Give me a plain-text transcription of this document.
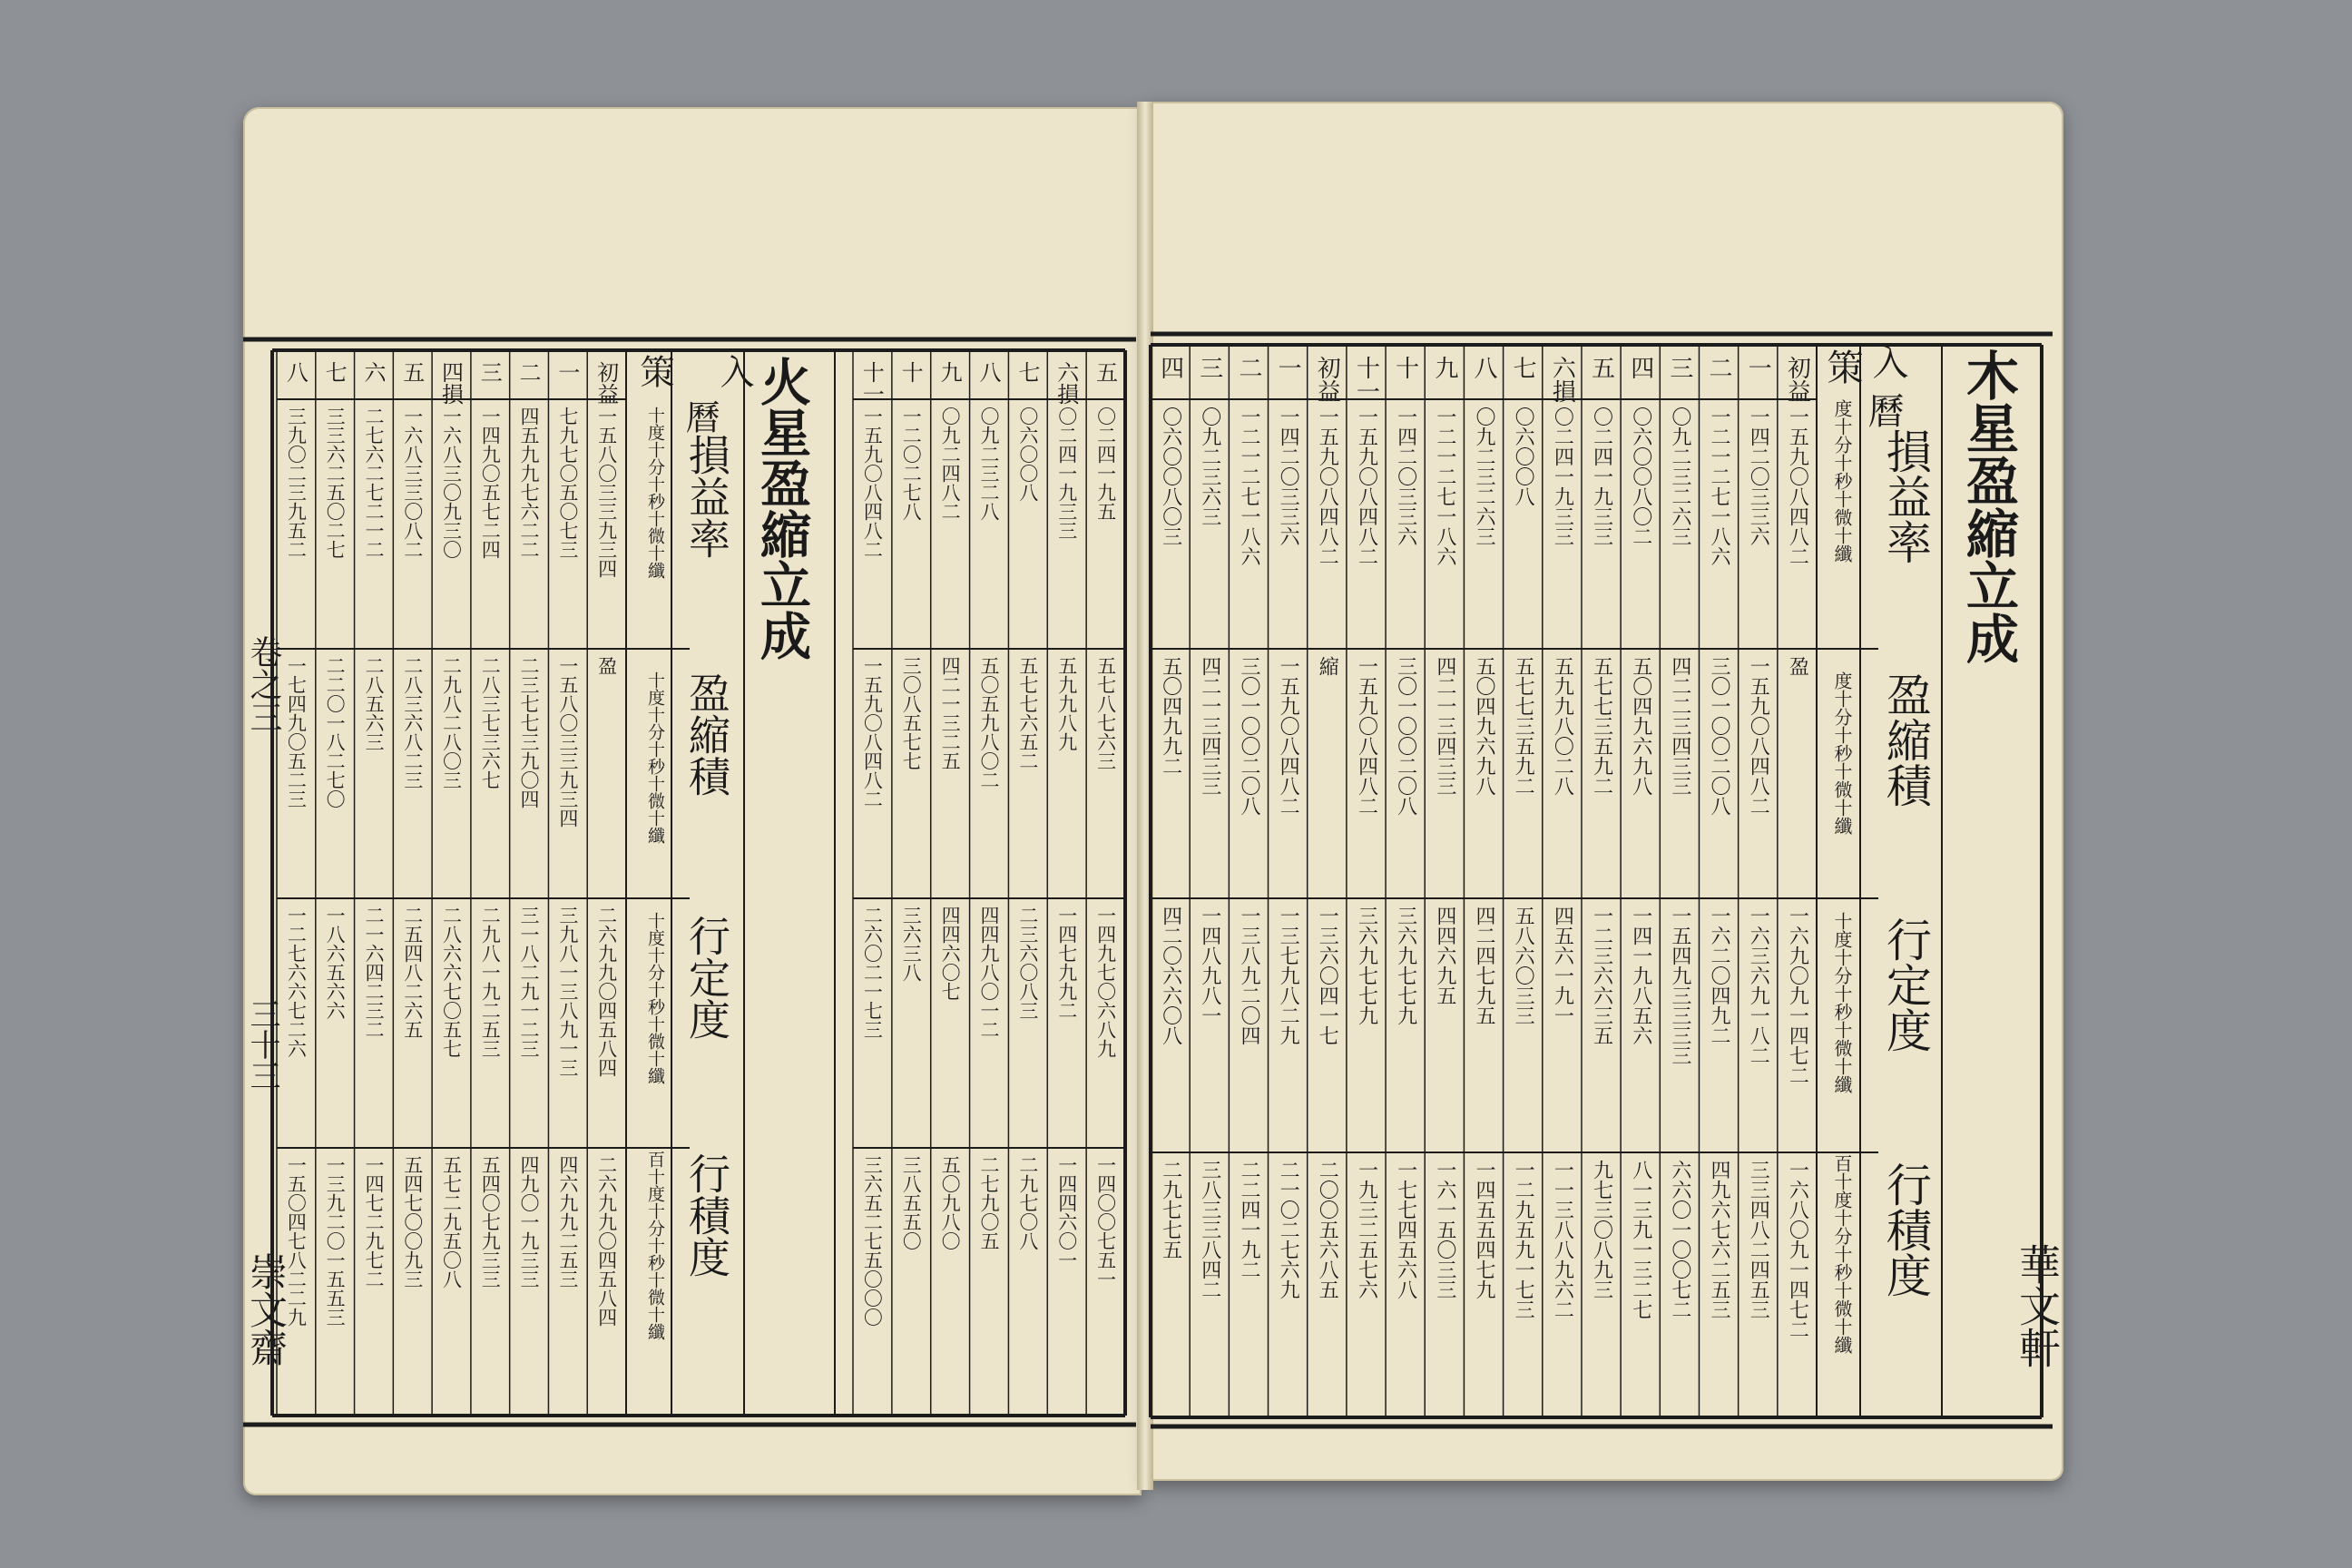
木星盈縮立成
入
曆
策
損益率
盈縮積
行定度
行積度
度十分十秒十微十纖
度十分十秒十微十纖
十度十分十秒十微十纖
百十度十分十秒十微十纖
初益
一五九〇八四八二
盈
一六九〇九一四七二
一六八〇九一四七二
一
一四二〇三三六
一五九〇八四八二
一六三六九一八二
三三四八二四五三
二
一二一二七一八六
三〇一〇〇二〇八
一六二〇四九二
四九六七六二五三
三
〇九二三二六三
四二二三四三三
一五四九三三三三
六六〇一〇〇七二
四
〇六〇〇八〇二
五〇四九六九八
一四一九八五六
八一三九一三二七
五
〇二四一九三三
五七七三五九二
一二三六六三五
九七三〇八九三
六損
〇二四一九三三
五九九八〇二八
四五六一九一
一一三八八九六二
七
〇六〇〇八
五七七三五九二
五八六〇三三
一二九五九一七三
八
〇九二三二六三
五〇四九六九八
四二四七九五
一四五五四七九
九
一二一二七一八六
四二一三四三三
四四六九五
一六一五〇三三
十
一四二〇三三六
三〇一〇〇二〇八
三六九七七九
一七七四五六八
十一
一五九〇八四八二
一五九〇八四八二
三六九七七九
一九三二五七六
初益
一五九〇八四八二
縮
一三六〇四一七
二〇〇五六八五
一
一四二〇三三六
一五九〇八四八二
一三七九八二九
二一〇二七六九
二
一二一二七一八六
三〇一〇〇二〇八
一三八九二〇四
二二四一九二
三
〇九二三六三
四二一三四三三
一四八九八一
三八三三八四二
四
〇六〇〇八〇三
五〇四九九二
四二〇六六〇八
二九七七五
火星盈縮立成
入
曆
策
損益率
盈縮積
行定度
行積度
十度十分十秒十微十纖
十度十分十秒十微十纖
十度十分十秒十微十纖
百十度十分十秒十微十纖
卷之三
三十三
崇文齋	華文軒
初益
一五八〇三三九三四
盈
二六九九〇四五八四
二六九九〇四五八四
一
七九七〇五〇七三
一五八〇三三九三四
三九八一三八九一三
四六九九二五三
二
四五九九七六二二
二三七七三九〇四
三一八二九一二三
四九〇一九三三
三
一四九〇五七二四
二八三七三六七
二九八一九二五三
五四〇七九三三
四損
一六八三〇九三〇
二九八二八〇三
二八六六七〇五七
五七二九五〇八
五
一六八三三〇八二
二八三六八二三
二五四八二六五
五四七〇〇九三
六
二七六二七二一二
二八五六三
二一六四二三二
一四七二九七二
七
三三六二五〇二七
二二〇一八二七〇
一八六五六六
一三九二〇一五五三
八
三九〇二三九五二
一七四九〇五二三
一二七六六七二六
一五〇四七八二二九
五
〇二四一九五
五七八七六三
一四九七〇六八九
一四〇〇七五一
六損
〇二四一九三三
五九九八九
一四七九九二
一四四六〇一
七
〇六〇〇八
五七七六五二
二三六〇八三
二九七〇八
八
〇九二三二八
五〇五九八〇二
四四九八〇一二
二七九〇五
九
〇九二四八二
四二一三二五
四四六〇七
五〇九八〇
十
一二〇二七八
三〇八五七七
三六三八
三八五五〇
十一
一五九〇八四八二
一五九〇八四八二
二六〇二一七三
三六五二七五〇〇〇
